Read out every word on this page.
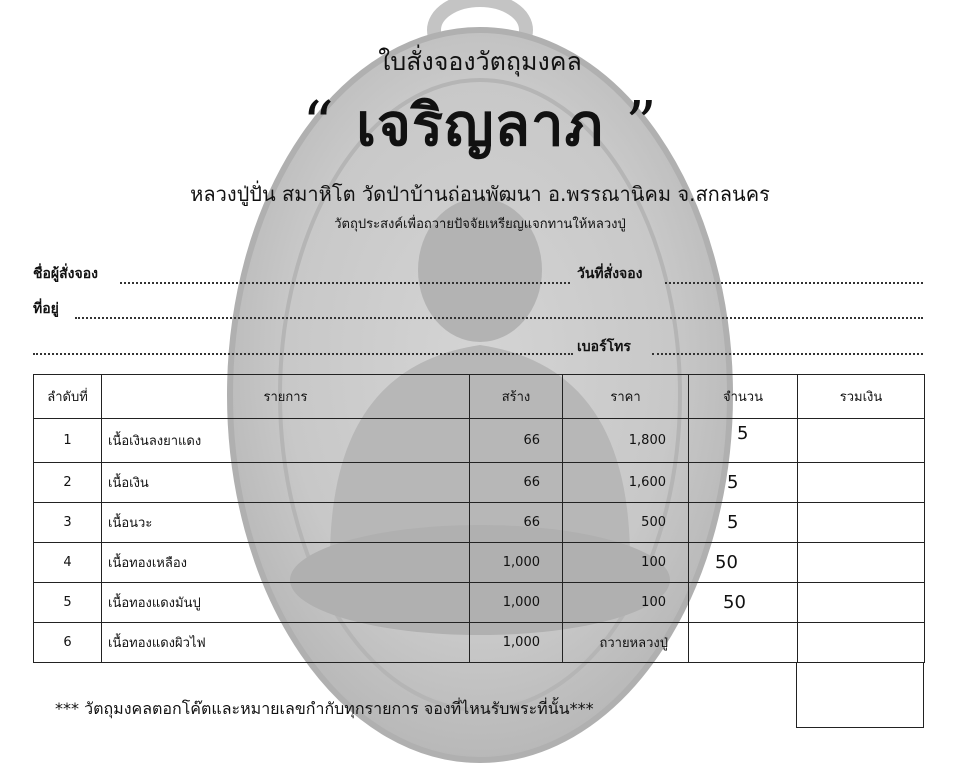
ใบสั่งจองวัตถุมงคล
“ เจริญลาภ ”
หลวงปู่ปั่น สมาหิโต วัดป่าบ้านถ่อนพัฒนา อ.พรรณานิคม จ.สกลนคร
วัตถุประสงค์เพื่อถวายปัจจัยเหรียญแจกทานให้หลวงปู่
ชื่อผู้สั่งจอง	วันที่สั่งจอง
ที่อยู่
เบอร์โทร
ลำดับที่	รายการ	สร้าง	ราคา	จำนวน	รวมเงิน
1	เนื้อเงินลงยาแดง	66	1,800	5	
2	เนื้อเงิน	66	1,600	5	
3	เนื้อนวะ	66	500	5	
4	เนื้อทองเหลือง	1,000	100	50	
5	เนื้อทองแดงมันปู	1,000	100	50	
6	เนื้อทองแดงผิวไฟ	1,000	ถวายหลวงปู่		
*** วัตถุมงคลตอกโค๊ตและหมายเลขกำกับทุกรายการ จองที่ไหนรับพระที่นั้น***
